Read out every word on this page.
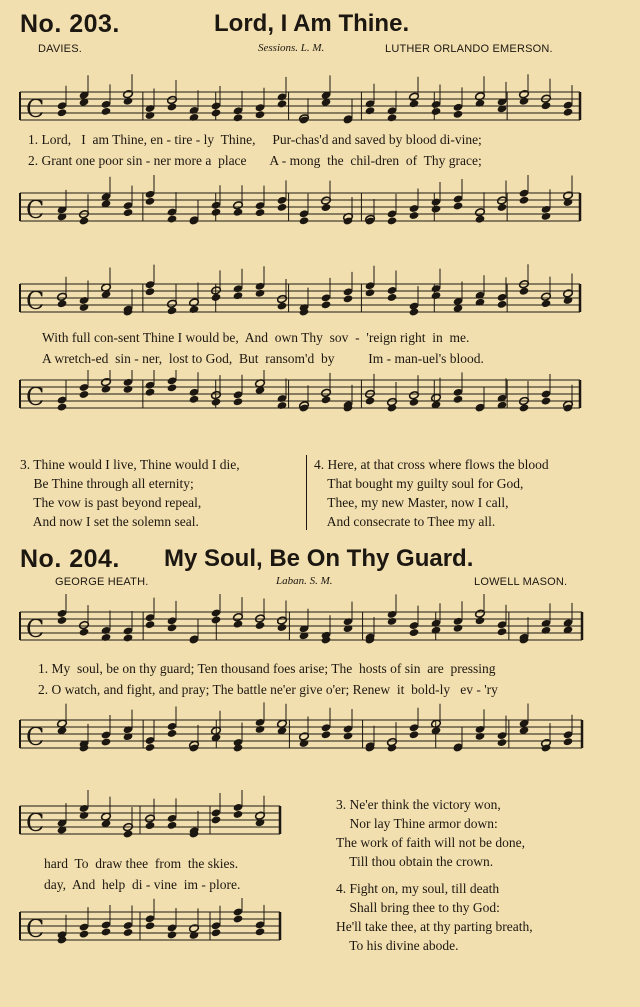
No. 203.	Lord, I Am Thine.
DAVIES.	Sessions. L. M.	LUTHER ORLANDO EMERSON.
C
1. Lord,   I  am Thine, en - tire - ly  Thine,     Pur-chas'd and saved by blood di-vine;
2. Grant one poor sin - ner more a  place       A - mong  the  chil-dren  of  Thy grace;
C
C
With full con-sent Thine I would be,  And  own Thy  sov  -  'reign right  in  me.
A wretch-ed  sin - ner,  lost to God,  But  ransom'd  by          Im - man-uel's blood.
C
3. Thine would I live, Thine would I die,
Be Thine through all eternity;
The vow is past beyond repeal,
And now I set the solemn seal.
4. Here, at that cross where flows the blood
That bought my guilty soul for God,
Thee, my new Master, now I call,
And consecrate to Thee my all.
No. 204. My Soul, Be On Thy Guard.
GEORGE HEATH.	Laban. S. M.	LOWELL MASON.
C
1. My  soul, be on thy guard; Ten thousand foes arise; The  hosts of sin  are  pressing
2. O watch, and fight, and pray; The battle ne'er give o'er; Renew  it  bold-ly   ev - 'ry
C
C
hard  To  draw thee  from  the skies.
day,  And  help  di - vine  im - plore.
C
3. Ne'er think the victory won,
Nor lay Thine armor down:
The work of faith will not be done,
Till thou obtain the crown.
4. Fight on, my soul, till death
Shall bring thee to thy God:
He'll take thee, at thy parting breath,
To his divine abode.
